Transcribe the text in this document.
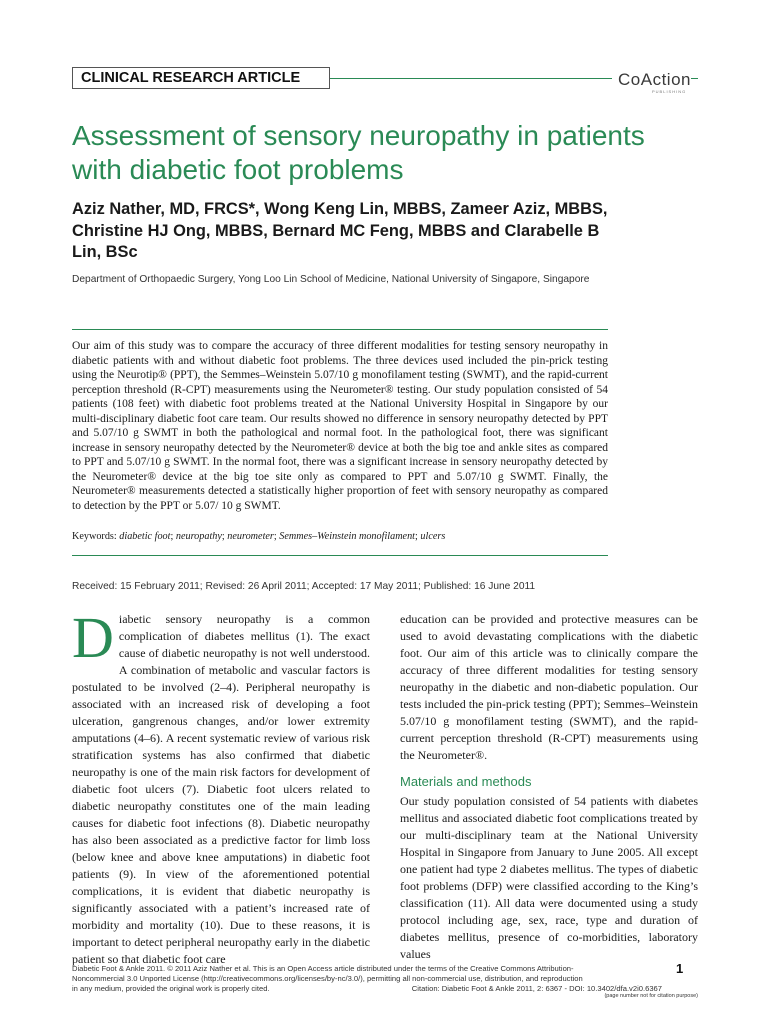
CLINICAL RESEARCH ARTICLE	CoAction
PUBLISHING
Assessment of sensory neuropathy in patients with diabetic foot problems

Aziz Nather, MD, FRCS*, Wong Keng Lin, MBBS, Zameer Aziz, MBBS, Christine HJ Ong, MBBS, Bernard MC Feng, MBBS and Clarabelle B Lin, BSc

Department of Orthopaedic Surgery, Yong Loo Lin School of Medicine, National University of Singapore, Singapore

Our aim of this study was to compare the accuracy of three different modalities for testing sensory neuropathy in diabetic patients with and without diabetic foot problems. The three devices used included the pin-prick testing using the Neurotip® (PPT), the Semmes–Weinstein 5.07/10 g monofilament testing (SWMT), and the rapid-current perception threshold (R-CPT) measurements using the Neurometer® testing. Our study population consisted of 54 patients (108 feet) with diabetic foot problems treated at the National University Hospital in Singapore by our multi-disciplinary diabetic foot care team. Our results showed no difference in sensory neuropathy detected by PPT and 5.07/10 g SWMT in both the pathological and normal foot. In the pathological foot, there was significant increase in sensory neuropathy detected by the Neurometer® device at both the big toe and ankle sites as compared to PPT and 5.07/10 g SWMT. In the normal foot, there was a significant increase in sensory neuropathy detected by the Neurometer® device at the big toe site only as compared to PPT and 5.07/10 g SWMT. Finally, the Neurometer® measurements detected a statistically higher proportion of feet with sensory neuropathy as compared to detection by the PPT or 5.07/ 10 g SWMT.

Keywords: diabetic foot; neuropathy; neurometer; Semmes–Weinstein monofilament; ulcers
Received: 15 February 2011; Revised: 26 April 2011; Accepted: 17 May 2011; Published: 16 June 2011
D iabetic sensory neuropathy is a common complication of diabetes mellitus (1). The exact cause of diabetic neuropathy is not well understood. A combination of metabolic and vascular factors is postulated to be involved (2–4). Peripheral neuropathy is associated with an increased risk of developing a foot ulceration, gangrenous changes, and/or lower extremity amputations (4–6). A recent systematic review of various risk stratification systems has also confirmed that diabetic neuropathy is one of the main risk factors for development of diabetic foot ulcers (7). Diabetic foot ulcers related to diabetic neuropathy constitutes one of the main leading causes for diabetic foot infections (8). Diabetic neuropathy has also been associated as a predictive factor for limb loss (below knee and above knee amputations) in diabetic foot patients (9). In view of the aforementioned potential complications, it is evident that diabetic neuropathy is significantly associated with a patient’s increased rate of morbidity and mortality (10). Due to these reasons, it is important to detect peripheral neuropathy early in the diabetic patient so that diabetic foot care

education can be provided and protective measures can be used to avoid devastating complications with the diabetic foot. Our aim of this article was to clinically compare the accuracy of three different modalities for testing sensory neuropathy in the diabetic and non-diabetic population. Our tests included the pin-prick testing (PPT); Semmes–Weinstein 5.07/10 g monofilament testing (SWMT), and the rapid-current perception threshold (R-CPT) measurements using the Neurometer®.

Materials and methods

Our study population consisted of 54 patients with diabetes mellitus and associated diabetic foot complications treated by our multi-disciplinary team at the National University Hospital in Singapore from January to June 2005. All except one patient had type 2 diabetes mellitus. The types of diabetic foot problems (DFP) were classified according to the King’s classification (11). All data were documented using a study protocol including age, sex, race, type and duration of diabetes mellitus, presence of co-morbidities, laboratory values

Diabetic Foot & Ankle 2011. © 2011 Aziz Nather et al. This is an Open Access article distributed under the terms of the Creative Commons Attribution-
Noncommercial 3.0 Unported License (http://creativecommons.org/licenses/by-nc/3.0/), permitting all non-commercial use, distribution, and reproduction
in any medium, provided the original work is properly cited.	Citation: Diabetic Foot & Ankle 2011, 2: 6367 - DOI: 10.3402/dfa.v2i0.6367
1
(page number not for citation purpose)
